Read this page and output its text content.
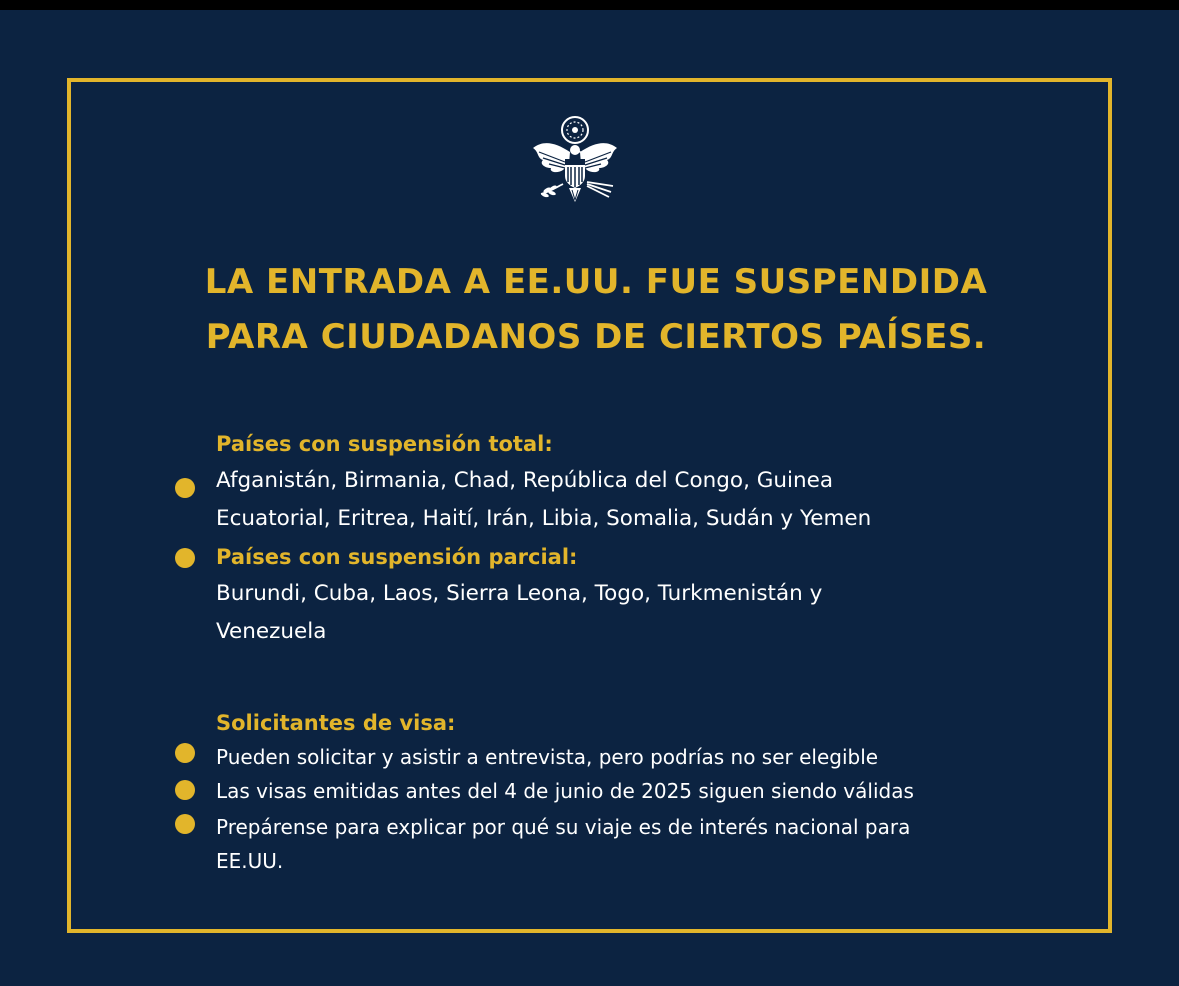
LA ENTRADA A EE.UU. FUE SUSPENDIDA
PARA CIUDADANOS DE CIERTOS PAÍSES.
Países con suspensión total:
Afganistán, Birmania, Chad, República del Congo, Guinea
Ecuatorial, Eritrea, Haití, Irán, Libia, Somalia, Sudán y Yemen
Países con suspensión parcial:
Burundi, Cuba, Laos, Sierra Leona, Togo, Turkmenistán y
Venezuela
Solicitantes de visa:
Pueden solicitar y asistir a entrevista, pero podrías no ser elegible
Las visas emitidas antes del 4 de junio de 2025 siguen siendo válidas
Prepárense para explicar por qué su viaje es de interés nacional para
EE.UU.
